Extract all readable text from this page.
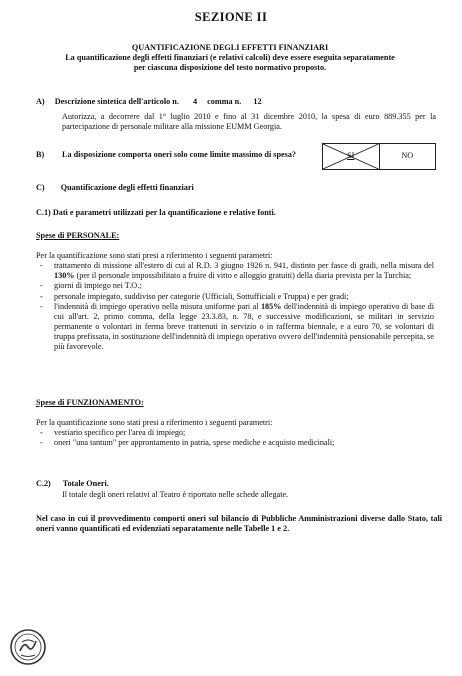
SEZIONE II
QUANTIFICAZIONE DEGLI EFFETTI FINANZIARI
La quantificazione degli effetti finanziari (e relativi calcoli) deve essere eseguita separatamente per ciascuna disposizione del testo normativo proposto.
A) Descrizione sintetica dell'articolo n. 4 comma n. 12
Autorizza, a decorrere dal 1° luglio 2010 e fino al 31 dicembre 2010, la spesa di euro 889.355 per la partecipazione di personale militare alla missione EUMM Georgia.
B)	La disposizione comporta oneri solo come limite massimo di spesa?	SI	NO
C) Quantificazione degli effetti finanziari
C.1) Dati e parametri utilizzati per la quantificazione e relative fonti.
Spese di PERSONALE:
Per la quantificazione sono stati presi a riferimento i seguenti parametri:
- trattamento di missione all'estero di cui al R.D. 3 giugno 1926 n. 941, distinto per fasce di gradi, nella misura del 130% (per il personale impossibilitato a fruire di vitto e alloggio gratuiti) della diaria prevista per la Turchia;
- giorni di impiego nei T.O.;
- personale impiegato, suddiviso per categorie (Ufficiali, Sottufficiali e Truppa) e per gradi;
- l'indennità di impiego operativo nella misura uniforme pari al 185% dell'indennità di impiego operativo di base di cui all'art. 2, primo comma, della legge 23.3.83, n. 78, e successive modificazioni, se militari in servizio permanente o volontari in ferma breve trattenuti in servizio o in rafferma biennale, e a euro 70, se volontari di truppa prefissata, in sostituzione dell'indennità di impiego operativo ovvero dell'indennità pensionabile percepita, se più favorevole.
Spese di FUNZIONAMENTO:
Per la quantificazione sono stati presi a riferimento i seguenti parametri:
- vestiario specifico per l'area di impiego;
- oneri "una tantum" per approntamento in patria, spese mediche e acquisto medicinali;
C.2) Totale Oneri.
Il totale degli oneri relativi al Teatro è riportato nelle schede allegate.
Nel caso in cui il provvedimento comporti oneri sul bilancio di Pubbliche Amministrazioni diverse dallo Stato, tali oneri vanno quantificati ed evidenziati separatamente nelle Tabelle 1 e 2.
